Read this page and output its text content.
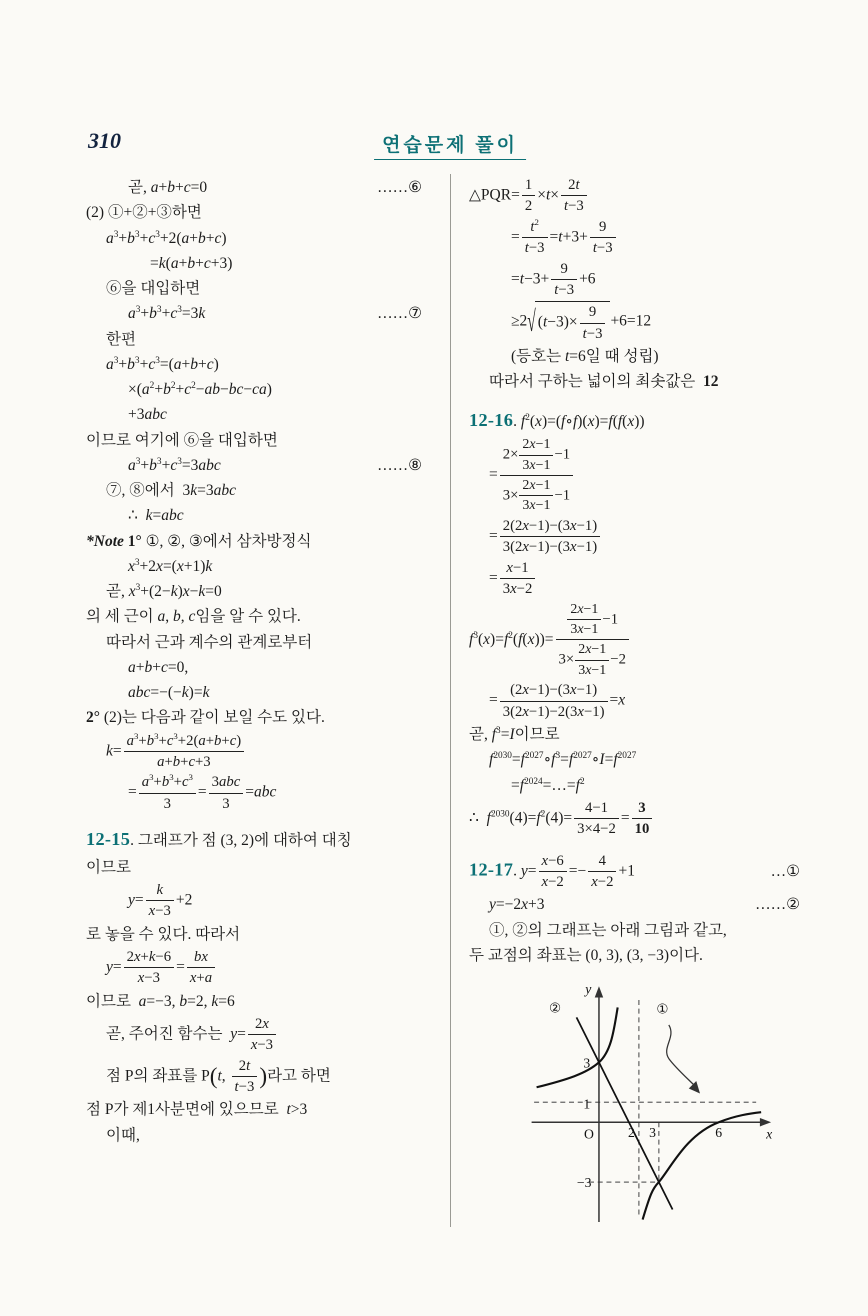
310	연습문제 풀이
곧, a+b+c=0	……⑥
(2) ①+②+③하면
$a^3+b^3+c^3+2(a+b+c)$
=k(a+b+c+3)
⑥을 대입하면
$a^3+b^3+c^3=3k$	……⑦
한편
$a^3+b^3+c^3=(a+b+c)$
$\times(a^2+b^2+c^2-ab-bc-ca)$
+3abc
이므로 여기에 ⑥을 대입하면
$a^3+b^3+c^3=3abc$	……⑧
⑦, ⑧에서  3k=3abc
∴  k=abc
*Note 1° ①, ②, ③에서 삼차방정식
$x^3+2x=(x+1)k$
곧, $x^3+(2-k)x-k=0$
의 세 근이 a, b, c임을 알 수 있다.
따라서 근과 계수의 관계로부터
a+b+c=0,
abc=−(−k)=k
2° (2)는 다음과 같이 보일 수도 있다.
$k= \frac{a^3+b^3+c^3+2(a+b+c)}{a+b+c+3}$
= $\frac{a^3+b^3+c^3}{3}$ =
3abc
3
=abc
12-15. 그래프가 점 (3, 2)에 대하여 대칭
이므로
$y= \frac{k}{x-3} +2$
로 놓을 수 있다. 따라서
$y= \frac{2x+k-6}{x-3} = \frac{bx}{x+a}$
이므로  a=−3, b=2, k=6
곧, 주어진 함수는  $y= \frac{2x}{x-3}$
점 P의 좌표를 P(t, $\frac{2t}{t-3}$ )라고 하면
점 P가 제1사분면에 있으므로  t>3
이때,
△PQR= $\frac{1}{2} \times t\times \frac{2t}{t-3}$
= $\frac{t^2}{t-3} =t+3+ \frac{9}{t-3}$
$=t-3+ \frac{9}{t-3} +6$
≥2√ $(t-3)\times \frac{9}{t-3} +6=12$
(등호는 t=6일 때 성립)
따라서 구하는 넓이의 최솟값은  12
12-16. $f^2(x)=(f\circ f)(x)=f(f(x))$
= $\frac{2\times \frac{2x-1}{3x-1} -1}{3\times \frac{2x-1}{3x-1} -1}$
= $\frac{2(2x-1)-(3x-1)}{3(2x-1)-(3x-1)}$
= $\frac{x-1}{3x-2}$
$f^3(x)=f^2(f(x))= \frac{\frac{2x-1}{3x-1} -1}{3\times \frac{2x-1}{3x-1} -2}$
= $\frac{(2x-1)-(3x-1)}{3(2x-1)-2(3x-1)} =x$
곧, $f^3=I$이므로
$f^{2030}=f^{2027}\circ f^3=f^{2027}\circ I=f^{2027}$
$=f^{2024}=\dots=f^2$
∴  $f^{2030}(4)=f^2(4)= \frac{4-1}{3\times 4-2} = \frac{3}{10}$
12-17. $y= \frac{x-6}{x-2} =- \frac{4}{x-2} +1$	…①
y=−2x+3	……②
①, ②의 그래프는 아래 그림과 같고,
두 교점의 좌표는 (0, 3), (3, −3)이다.
y
x
O
3
1
2 3	6
−3
②	①
